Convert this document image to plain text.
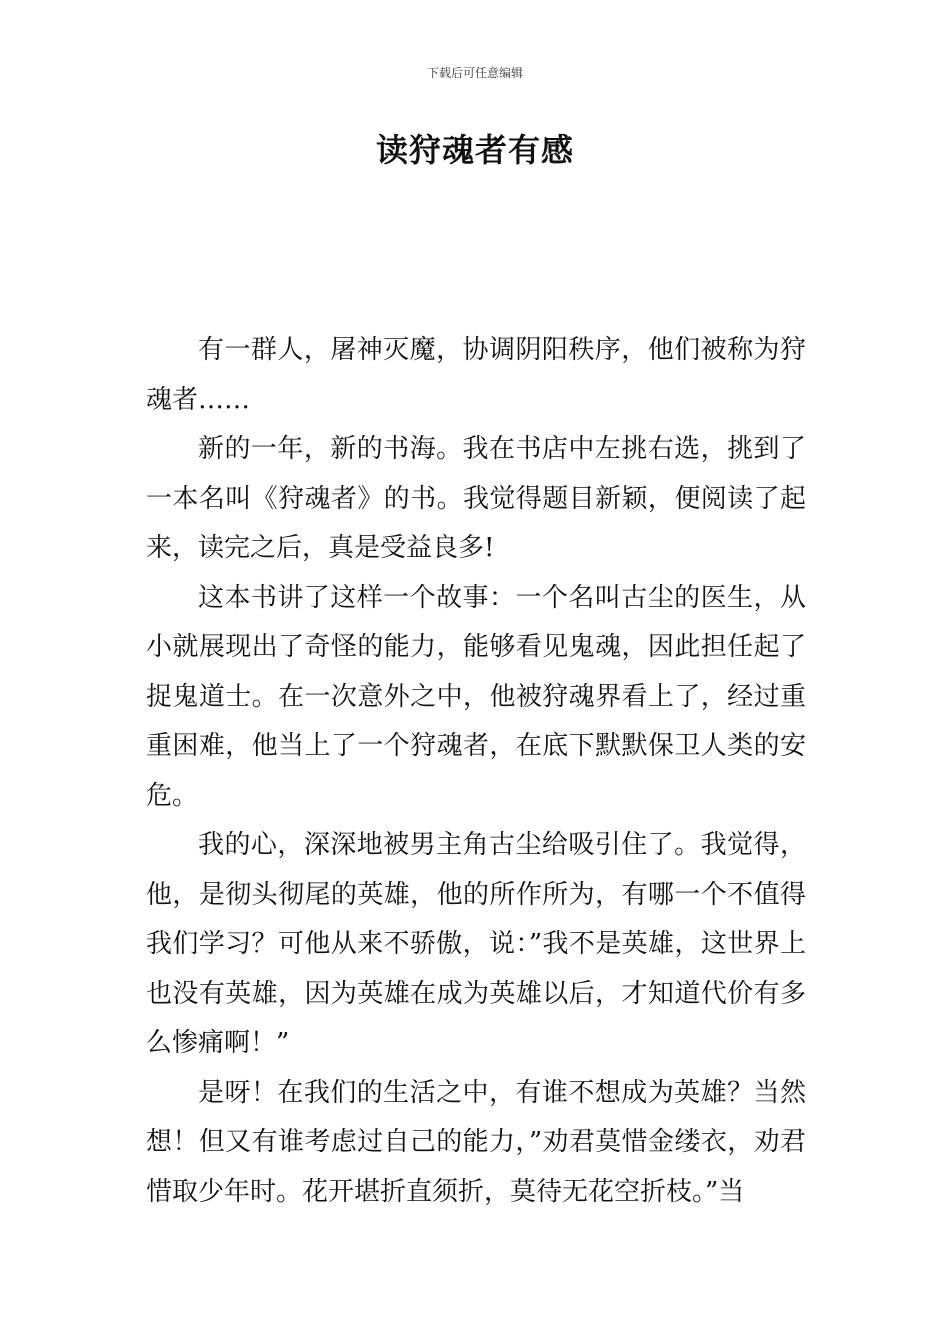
下载后可任意编辑
读狩魂者有感

有一群人，屠神灭魔，协调阴阳秩序，他们被称为狩魂者……

新的一年，新的书海。我在书店中左挑右选，挑到了一本名叫《狩魂者》的书。我觉得题目新颖，便阅读了起来，读完之后，真是受益良多!

这本书讲了这样一个故事：一个名叫古尘的医生，从小就展现出了奇怪的能力，能够看见鬼魂，因此担任起了捉鬼道士。在一次意外之中，他被狩魂界看上了，经过重重困难，他当上了一个狩魂者，在底下默默保卫人类的安危。

我的心，深深地被男主角古尘给吸引住了。我觉得，他，是彻头彻尾的英雄，他的所作所为，有哪一个不值得我们学习？可他从来不骄傲，说：”我不是英雄，这世界上也没有英雄，因为英雄在成为英雄以后，才知道代价有多么惨痛啊！”

是呀！在我们的生活之中，有谁不想成为英雄？当然想！但又有谁考虑过自己的能力，”劝君莫惜金缕衣，劝君惜取少年时。花开堪折直须折，莫待无花空折枝。”当
